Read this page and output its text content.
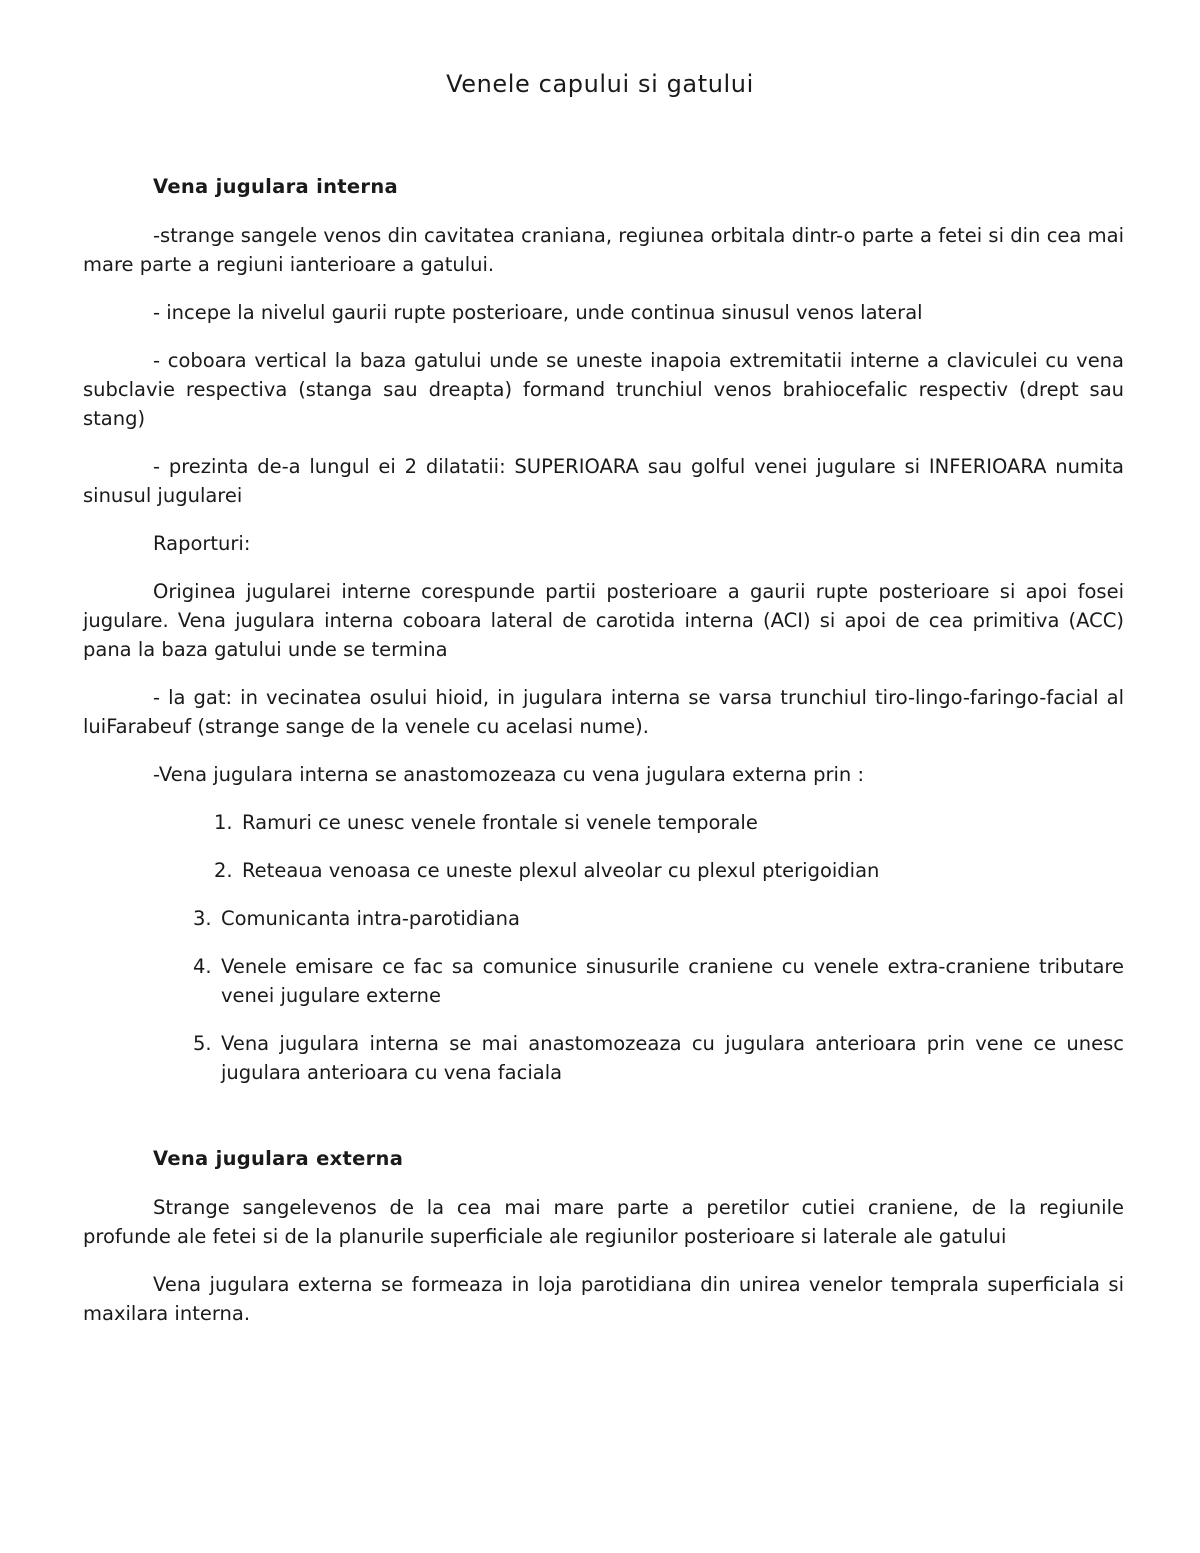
Venele capului si gatului
Vena jugulara interna

-strange sangele venos din cavitatea craniana, regiunea orbitala dintr-o parte a fetei si din cea mai mare parte a regiuni ianterioare a gatului.

- incepe la nivelul gaurii rupte posterioare, unde continua sinusul venos lateral

- coboara vertical la baza gatului unde se uneste inapoia extremitatii interne a claviculei cu vena subclavie respectiva (stanga sau dreapta) formand trunchiul venos brahiocefalic respectiv (drept sau stang)

- prezinta de-a lungul ei 2 dilatatii: SUPERIOARA sau golful venei jugulare si INFERIOARA numita sinusul jugularei

Raporturi:

Originea jugularei interne corespunde partii posterioare a gaurii rupte posterioare si apoi fosei jugulare. Vena jugulara interna coboara lateral de carotida interna (ACI) si apoi de cea primitiva (ACC) pana la baza gatului unde se termina

- la gat: in vecinatea osului hioid, in jugulara interna se varsa trunchiul tiro-lingo-faringo-facial al luiFarabeuf (strange sange de la venele cu acelasi nume).

-Vena jugulara interna se anastomozeaza cu vena jugulara externa prin :

1. Ramuri ce unesc venele frontale si venele temporale
2. Reteaua venoasa ce uneste plexul alveolar cu plexul pterigoidian
3. Comunicanta intra-parotidiana
4. Venele emisare ce fac sa comunice sinusurile craniene cu venele extra-craniene tributare venei jugulare externe
5. Vena jugulara interna se mai anastomozeaza cu jugulara anterioara prin vene ce unesc jugulara anterioara cu vena faciala
Vena jugulara externa

Strange sangelevenos de la cea mai mare parte a peretilor cutiei craniene, de la regiunile profunde ale fetei si de la planurile superficiale ale regiunilor posterioare si laterale ale gatului

Vena jugulara externa se formeaza in loja parotidiana din unirea venelor temprala superficiala si maxilara interna.
